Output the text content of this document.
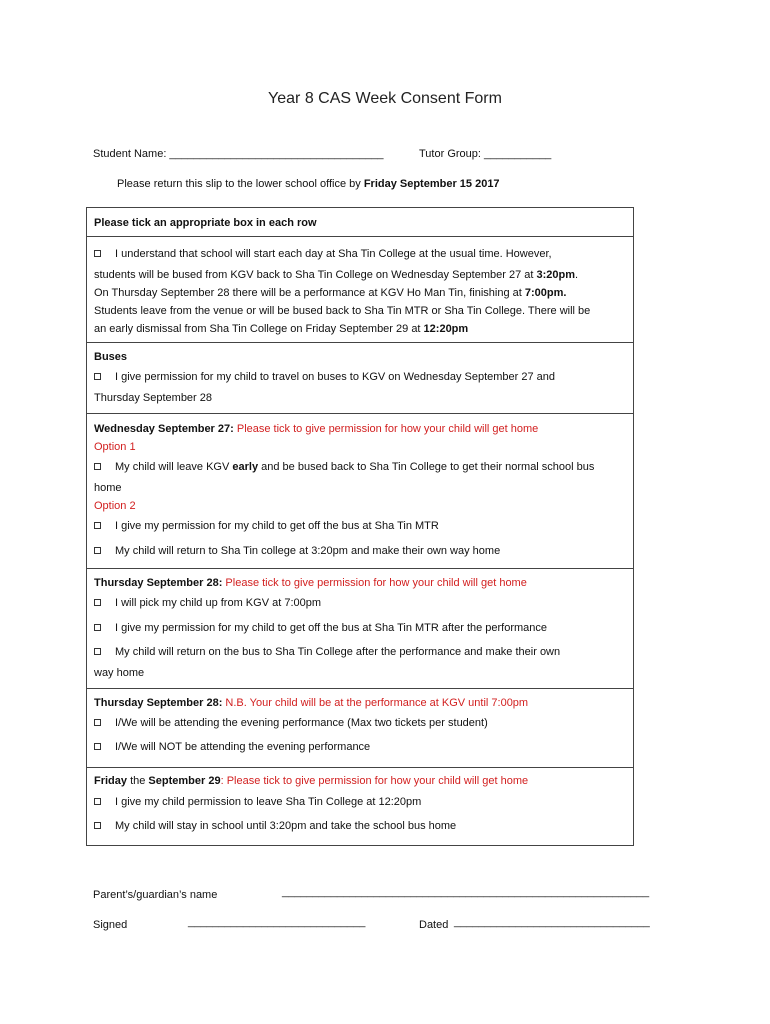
Year 8 CAS Week Consent Form
Student Name: ___________________________________	Tutor Group: ___________
Please return this slip to the lower school office by Friday September 15 2017
Please tick an appropriate box in each row
I understand that school will start each day at Sha Tin College at the usual time. However,
students will be bused from KGV back to Sha Tin College on Wednesday September 27 at 3:20pm.
On Thursday September 28 there will be a performance at KGV Ho Man Tin, finishing at 7:00pm.
Students leave from the venue or will be bused back to Sha Tin MTR or Sha Tin College. There will be
an early dismissal from Sha Tin College on Friday September 29 at 12:20pm
Buses
I give permission for my child to travel on buses to KGV on Wednesday September 27 and
Thursday September 28
Wednesday September 27: Please tick to give permission for how your child will get home
Option 1
My child will leave KGV early and be bused back to Sha Tin College to get their normal school bus
home
Option 2
I give my permission for my child to get off the bus at Sha Tin MTR
My child will return to Sha Tin college at 3:20pm and make their own way home
Thursday September 28: Please tick to give permission for how your child will get home
I will pick my child up from KGV at 7:00pm
I give my permission for my child to get off the bus at Sha Tin MTR after the performance
My child will return on the bus to Sha Tin College after the performance and make their own
way home
Thursday September 28: N.B. Your child will be at the performance at KGV until 7:00pm
I/We will be attending the evening performance (Max two tickets per student)
I/We will NOT be attending the evening performance
Friday the September 29: Please tick to give permission for how your child will get home
I give my child permission to leave Sha Tin College at 12:20pm
My child will stay in school until 3:20pm and take the school bus home
Parent’s/guardian’s name	____________________________________________________________
Signed	_____________________________	Dated ________________________________
